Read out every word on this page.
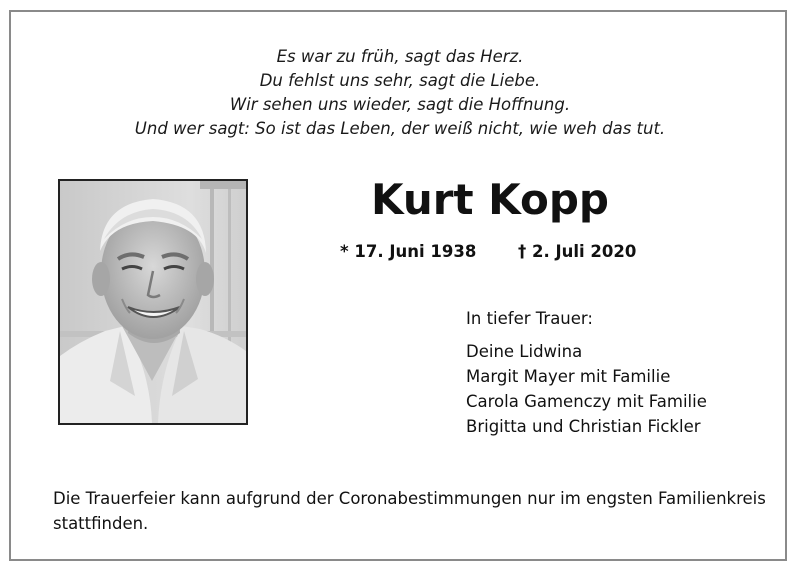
Es war zu früh, sagt das Herz.
Du fehlst uns sehr, sagt die Liebe.
Wir sehen uns wieder, sagt die Hoffnung.
Und wer sagt: So ist das Leben, der weiß nicht, wie weh das tut.
Kurt Kopp
* 17. Juni 1938	† 2. Juli 2020
In tiefer Trauer:
Deine Lidwina
Margit Mayer mit Familie
Carola Gamenczy mit Familie
Brigitta und Christian Fickler
Die Trauerfeier kann aufgrund der Coronabestimmungen nur im engsten Familienkreis stattfinden.
